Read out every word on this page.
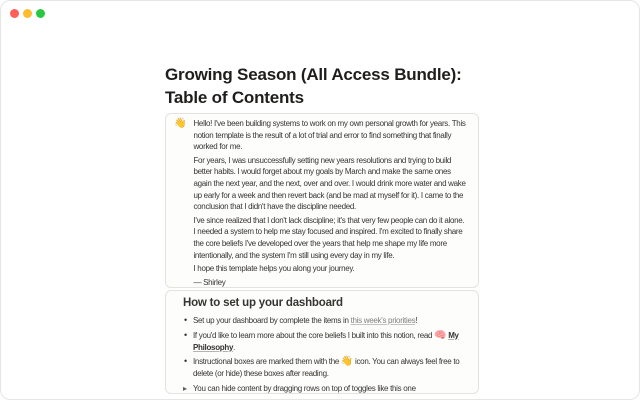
Growing Season (All Access Bundle): Table of Contents
👋 Hello! I've been building systems to work on my own personal growth for years. This notion template is the result of a lot of trial and error to find something that finally worked for me.

For years, I was unsuccessfully setting new years resolutions and trying to build better habits. I would forget about my goals by March and make the same ones again the next year, and the next, over and over. I would drink more water and wake up early for a week and then revert back (and be mad at myself for it). I came to the conclusion that I didn't have the discipline needed.

I've since realized that I don't lack discipline; it's that very few people can do it alone. I needed a system to help me stay focused and inspired. I'm excited to finally share the core beliefs I've developed over the years that help me shape my life more intentionally, and the system I'm still using every day in my life.

I hope this template helps you along your journey.

— Shirley

How to set up your dashboard
• Set up your dashboard by complete the items in this week's priorities!
• If you'd like to learn more about the core beliefs I built into this notion, read 🧠 My Philosophy.
• Instructional boxes are marked them with the 👋 icon. You can always feel free to delete (or hide) these boxes after reading.
▸ You can hide content by dragging rows on top of toggles like this one
